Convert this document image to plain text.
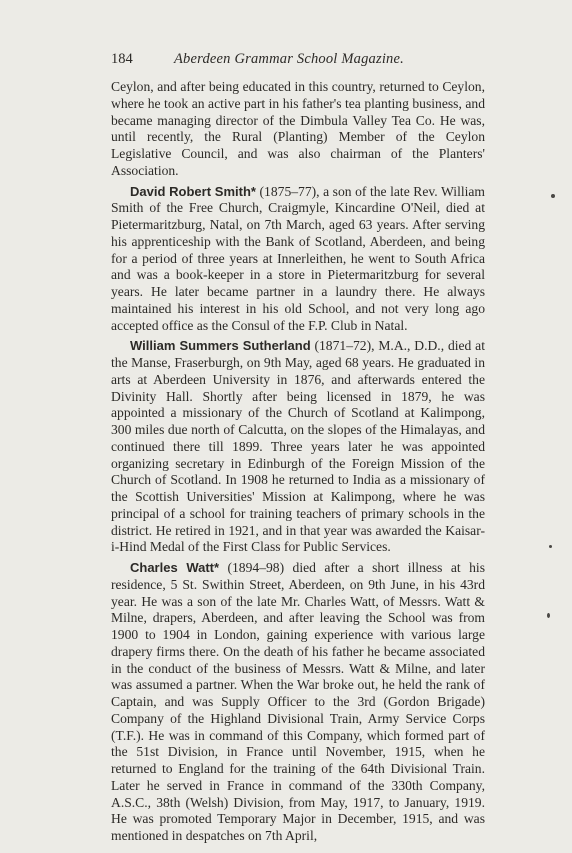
184	Aberdeen Grammar School Magazine.

Ceylon, and after being educated in this country, returned to Ceylon, where he took an active part in his father's tea planting business, and became managing director of the Dimbula Valley Tea Co. He was, until recently, the Rural (Planting) Member of the Ceylon Legislative Council, and was also chairman of the Planters' Association.

David Robert Smith* (1875–77), a son of the late Rev. William Smith of the Free Church, Craigmyle, Kincardine O'Neil, died at Pietermaritzburg, Natal, on 7th March, aged 63 years. After serving his apprenticeship with the Bank of Scotland, Aberdeen, and being for a period of three years at Innerleithen, he went to South Africa and was a book-keeper in a store in Pietermaritzburg for several years. He later became partner in a laundry there. He always maintained his interest in his old School, and not very long ago accepted office as the Consul of the F.P. Club in Natal.

William Summers Sutherland (1871–72), M.A., D.D., died at the Manse, Fraserburgh, on 9th May, aged 68 years. He graduated in arts at Aberdeen University in 1876, and afterwards entered the Divinity Hall. Shortly after being licensed in 1879, he was appointed a missionary of the Church of Scotland at Kalimpong, 300 miles due north of Calcutta, on the slopes of the Himalayas, and continued there till 1899. Three years later he was appointed organizing secretary in Edinburgh of the Foreign Mission of the Church of Scotland. In 1908 he returned to India as a missionary of the Scottish Universities' Mission at Kalimpong, where he was principal of a school for training teachers of primary schools in the district. He retired in 1921, and in that year was awarded the Kaisar-i-Hind Medal of the First Class for Public Services.

Charles Watt* (1894–98) died after a short illness at his residence, 5 St. Swithin Street, Aberdeen, on 9th June, in his 43rd year. He was a son of the late Mr. Charles Watt, of Messrs. Watt & Milne, drapers, Aberdeen, and after leaving the School was from 1900 to 1904 in London, gaining experience with various large drapery firms there. On the death of his father he became associated in the conduct of the business of Messrs. Watt & Milne, and later was assumed a partner. When the War broke out, he held the rank of Captain, and was Supply Officer to the 3rd (Gordon Brigade) Company of the Highland Divisional Train, Army Service Corps (T.F.). He was in command of this Company, which formed part of the 51st Division, in France until November, 1915, when he returned to England for the training of the 64th Divisional Train. Later he served in France in command of the 330th Company, A.S.C., 38th (Welsh) Division, from May, 1917, to January, 1919. He was promoted Temporary Major in December, 1915, and was mentioned in despatches on 7th April,
